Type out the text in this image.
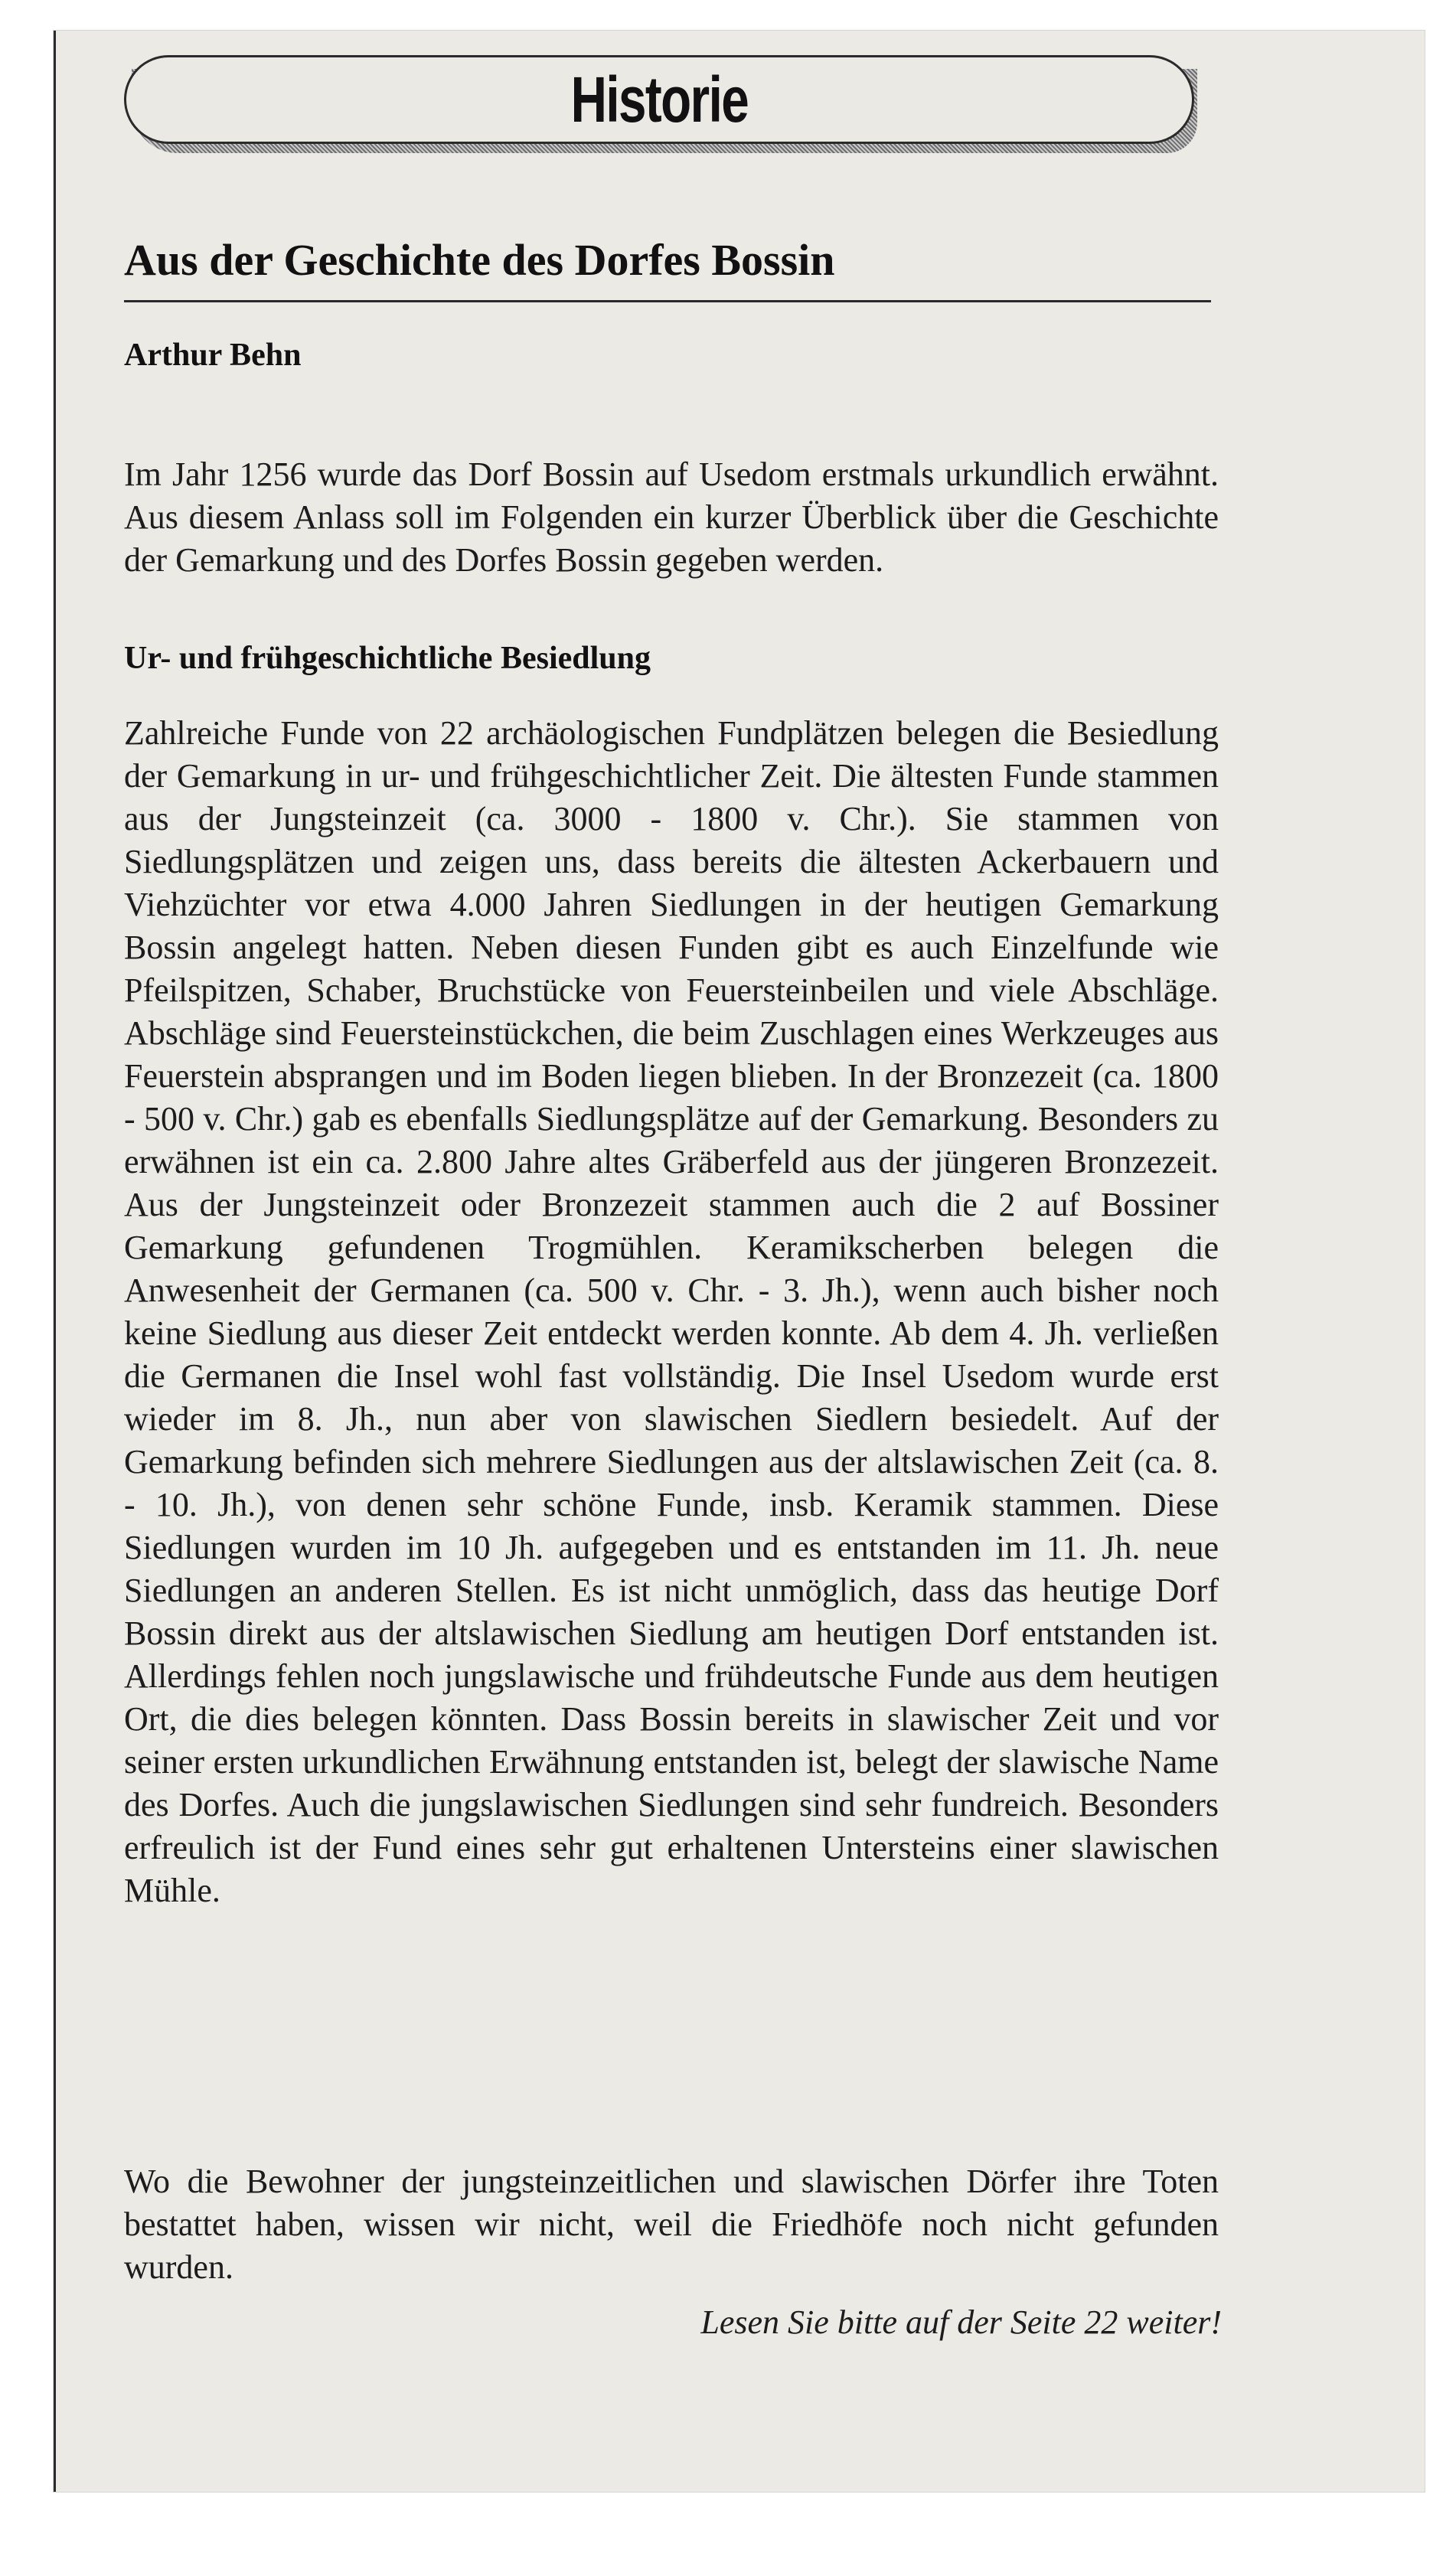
Historie
Aus der Geschichte des Dorfes Bossin
Arthur Behn

Im Jahr 1256 wurde das Dorf Bossin auf Usedom erstmals urkundlich erwähnt. Aus diesem Anlass soll im Folgenden ein kurzer Überblick über die Geschichte der Gemarkung und des Dorfes Bossin gegeben werden.

Ur- und frühgeschichtliche Besiedlung

Zahlreiche Funde von 22 archäologischen Fundplätzen belegen die Besiedlung der Gemarkung in ur- und frühgeschichtlicher Zeit. Die ältesten Funde stammen aus der Jungsteinzeit (ca. 3000 - 1800 v. Chr.). Sie stammen von Siedlungsplätzen und zeigen uns, dass bereits die ältesten Ackerbauern und Viehzüchter vor etwa 4.000 Jahren Siedlungen in der heutigen Gemarkung Bossin angelegt hatten. Neben diesen Funden gibt es auch Einzelfunde wie Pfeilspitzen, Schaber, Bruchstücke von Feuersteinbeilen und viele Abschläge. Abschläge sind Feuersteinstückchen, die beim Zuschlagen eines Werkzeuges aus Feuerstein absprangen und im Boden liegen blieben. In der Bronzezeit (ca. 1800 - 500 v. Chr.) gab es ebenfalls Siedlungsplätze auf der Gemarkung. Besonders zu erwähnen ist ein ca. 2.800 Jahre altes Gräberfeld aus der jüngeren Bronzezeit. Aus der Jungsteinzeit oder Bronzezeit stammen auch die 2 auf Bossiner Gemarkung gefundenen Trogmühlen. Keramikscherben belegen die Anwesenheit der Germanen (ca. 500 v. Chr. - 3. Jh.), wenn auch bisher noch keine Siedlung aus dieser Zeit entdeckt werden konnte. Ab dem 4. Jh. verließen die Germanen die Insel wohl fast vollständig. Die Insel Usedom wurde erst wieder im 8. Jh., nun aber von slawischen Siedlern besiedelt. Auf der Gemarkung befinden sich mehrere Siedlungen aus der altslawischen Zeit (ca. 8. - 10. Jh.), von denen sehr schöne Funde, insb. Keramik stammen. Diese Siedlungen wurden im 10 Jh. aufgegeben und es entstanden im 11. Jh. neue Siedlungen an anderen Stellen. Es ist nicht unmöglich, dass das heutige Dorf Bossin direkt aus der altslawischen Siedlung am heutigen Dorf entstanden ist. Allerdings fehlen noch jungslawische und frühdeutsche Funde aus dem heutigen Ort, die dies belegen könnten. Dass Bossin bereits in slawischer Zeit und vor seiner ersten urkundlichen Erwähnung entstanden ist, belegt der slawische Name des Dorfes. Auch die jungslawischen Siedlungen sind sehr fundreich. Besonders erfreulich ist der Fund eines sehr gut erhaltenen Untersteins einer slawischen Mühle.

Wo die Bewohner der jungsteinzeitlichen und slawischen Dörfer ihre Toten bestattet haben, wissen wir nicht, weil die Friedhöfe noch nicht gefunden wurden.

Lesen Sie bitte auf der Seite 22 weiter!
